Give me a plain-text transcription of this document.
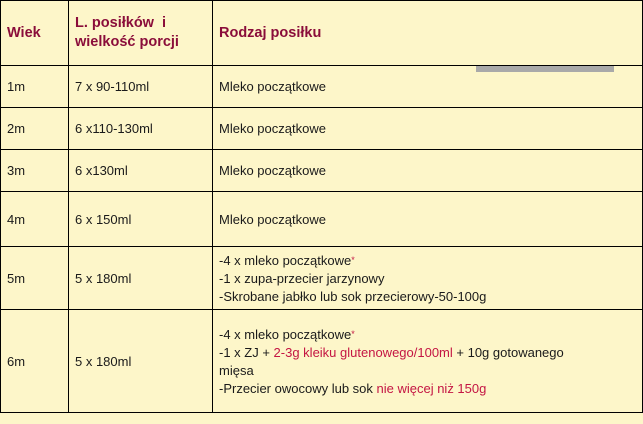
Wiek	L. posiłków  i
wielkość porcji	Rodzaj posiłku
1m	7 x 90-110ml	Mleko początkowe
2m	6 x110-130ml	Mleko początkowe
3m	6 x130ml	Mleko początkowe
4m	6 x 150ml	Mleko początkowe
5m	5 x 180ml	-4 x mleko początkowe*
-1 x zupa-przecier jarzynowy
-Skrobane jabłko lub sok przecierowy-50-100g

6m	5 x 180ml	-4 x mleko początkowe*
-1 x ZJ + 2-3g kleiku glutenowego/100ml + 10g gotowanego
mięsa
-Przecier owocowy lub sok nie więcej niż 150g
